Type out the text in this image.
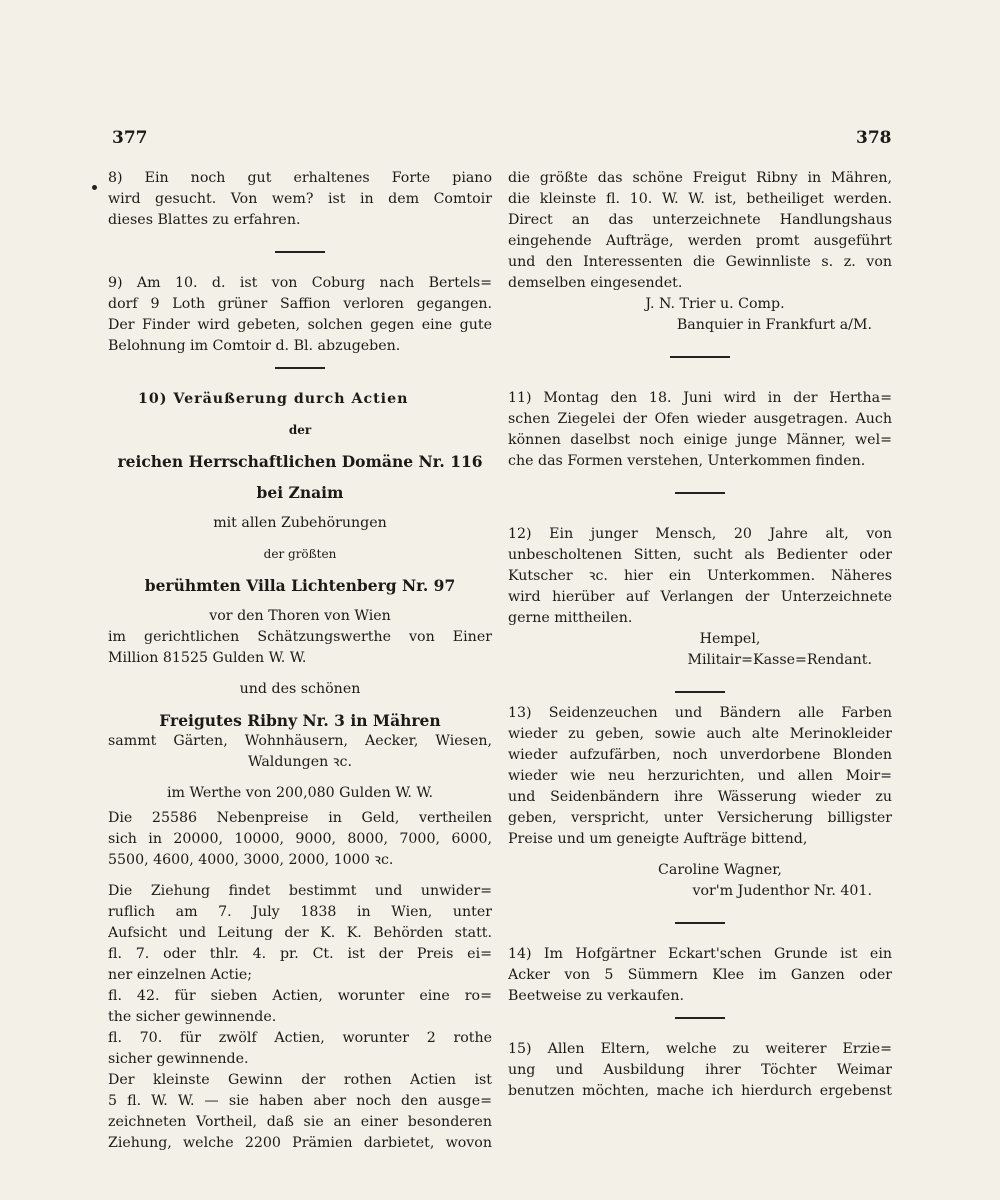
377	378
8) Ein noch gut erhaltenes Forte piano
wird gesucht. Von wem? ist in dem Comtoir
dieses Blattes zu erfahren.
9) Am 10. d. ist von Coburg nach Bertels=
dorf 9 Loth grüner Saffion verloren gegangen.
Der Finder wird gebeten, solchen gegen eine gute
Belohnung im Comtoir d. Bl. abzugeben.
10) Veräußerung durch Actien
der
reichen Herrschaftlichen Domäne Nr. 116
bei Znaim
mit allen Zubehörungen
der größten
berühmten Villa Lichtenberg Nr. 97
vor den Thoren von Wien
im gerichtlichen Schätzungswerthe von Einer
Million 81525 Gulden W. W.
und des schönen
Freigutes Ribny Nr. 3 in Mähren
sammt Gärten, Wohnhäusern, Aecker, Wiesen,
Waldungen ꝛc.
im Werthe von 200,080 Gulden W. W.
Die 25586 Nebenpreise in Geld, vertheilen
sich in 20000, 10000, 9000, 8000, 7000, 6000,
5500, 4600, 4000, 3000, 2000, 1000 ꝛc.
Die Ziehung findet bestimmt und unwider=
ruflich am 7. July 1838 in Wien, unter
Aufsicht und Leitung der K. K. Behörden statt.
fl. 7. oder thlr. 4. pr. Ct. ist der Preis ei=
ner einzelnen Actie;
fl. 42. für sieben Actien, worunter eine ro=
the sicher gewinnende.
fl. 70. für zwölf Actien, worunter 2 rothe
sicher gewinnende.
Der kleinste Gewinn der rothen Actien ist
5 fl. W. W. — sie haben aber noch den ausge=
zeichneten Vortheil, daß sie an einer besonderen
Ziehung, welche 2200 Prämien darbietet, wovon
die größte das schöne Freigut Ribny in Mähren,
die kleinste fl. 10. W. W. ist, betheiliget werden.
Direct an das unterzeichnete Handlungshaus
eingehende Aufträge, werden promt ausgeführt
und den Interessenten die Gewinnliste s. z. von
demselben eingesendet.
J. N. Trier u. Comp.
Banquier in Frankfurt a/M.
11) Montag den 18. Juni wird in der Hertha=
schen Ziegelei der Ofen wieder ausgetragen. Auch
können daselbst noch einige junge Männer, wel=
che das Formen verstehen, Unterkommen finden.
12) Ein junger Mensch, 20 Jahre alt, von
unbescholtenen Sitten, sucht als Bedienter oder
Kutscher ꝛc. hier ein Unterkommen. Näheres
wird hierüber auf Verlangen der Unterzeichnete
gerne mittheilen.
Hempel,
Militair=Kasse=Rendant.
13) Seidenzeuchen und Bändern alle Farben
wieder zu geben, sowie auch alte Merinokleider
wieder aufzufärben, noch unverdorbene Blonden
wieder wie neu herzurichten, und allen Moir=
und Seidenbändern ihre Wässerung wieder zu
geben, verspricht, unter Versicherung billigster
Preise und um geneigte Aufträge bittend,
Caroline Wagner,
vor'm Judenthor Nr. 401.
14) Im Hofgärtner Eckart'schen Grunde ist ein
Acker von 5 Sümmern Klee im Ganzen oder
Beetweise zu verkaufen.
15) Allen Eltern, welche zu weiterer Erzie=
ung und Ausbildung ihrer Töchter Weimar
benutzen möchten, mache ich hierdurch ergebenst
